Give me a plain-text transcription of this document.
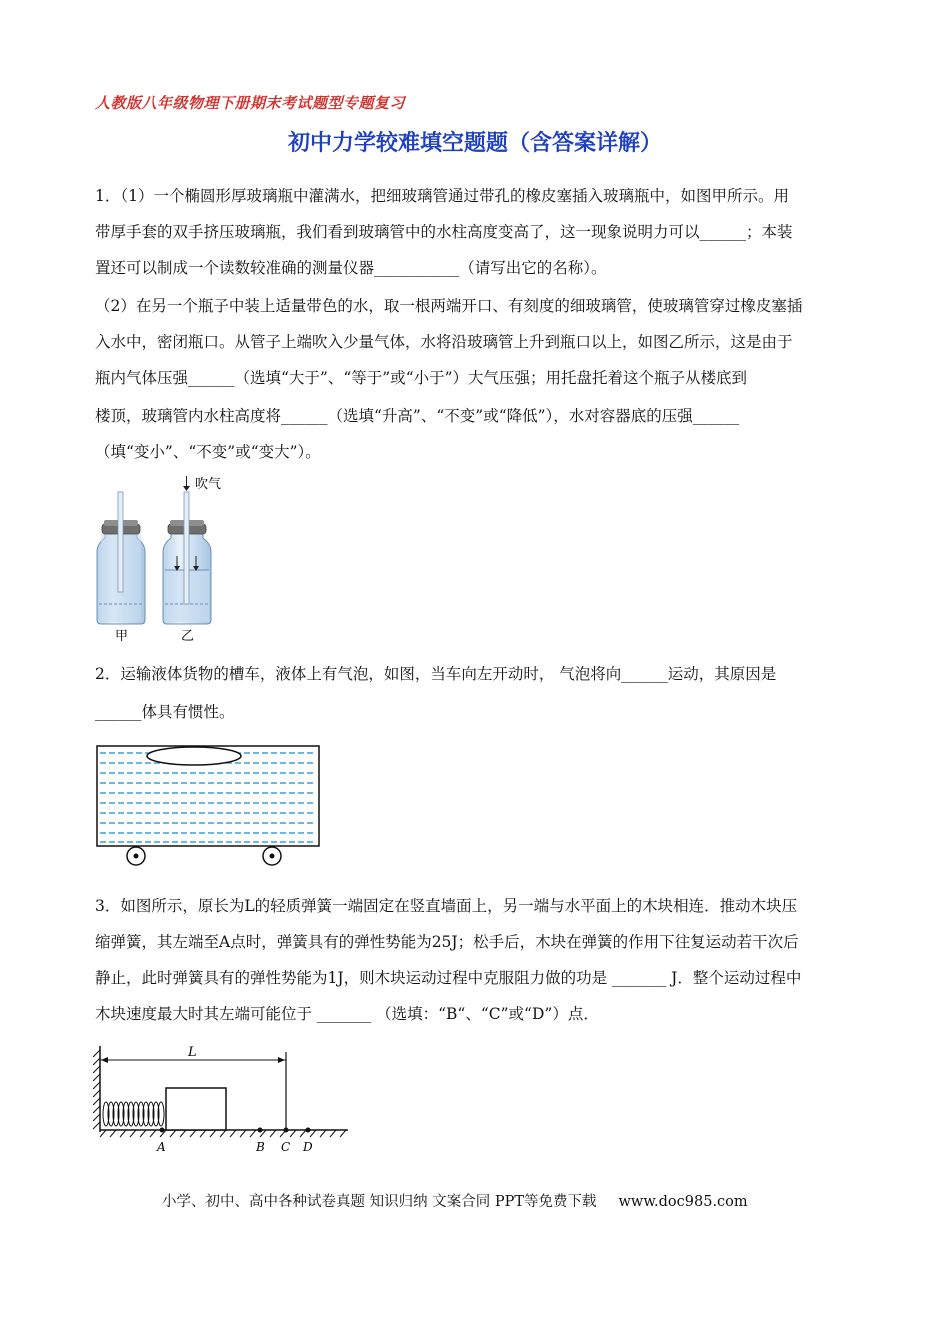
人教版八年级物理下册期末考试题型专题复习
初中力学较难填空题题（含答案详解）
1．（1）一个椭圆形厚玻璃瓶中灌满水，把细玻璃管通过带孔的橡皮塞插入玻璃瓶中，如图甲所示。用
带厚手套的双手挤压玻璃瓶，我们看到玻璃管中的水柱高度变高了，这一现象说明力可以______；本装
置还可以制成一个读数较准确的测量仪器___________（请写出它的名称）。
（2）在另一个瓶子中装上适量带色的水，取一根两端开口、有刻度的细玻璃管，使玻璃管穿过橡皮塞插
入水中，密闭瓶口。从管子上端吹入少量气体，水将沿玻璃管上升到瓶口以上，如图乙所示，这是由于
瓶内气体压强______（选填“大于”、“等于”或“小于”）大气压强；用托盘托着这个瓶子从楼底到
楼顶，玻璃管内水柱高度将______（选填“升高”、“不变”或“降低”），水对容器底的压强______
（填“变小”、“不变”或“变大”）。
甲
吹气
乙
2．运输液体货物的槽车，液体上有气泡，如图，当车向左开动时， 气泡将向______运动，其原因是
______体具有惯性。
3．如图所示，原长为L的轻质弹簧一端固定在竖直墙面上，另一端与水平面上的木块相连．推动木块压
缩弹簧，其左端至A点时，弹簧具有的弹性势能为25J；松手后，木块在弹簧的作用下往复运动若干次后
静止，此时弹簧具有的弹性势能为1J，则木块运动过程中克服阻力做的功是 _______ J．整个运动过程中
木块速度最大时其左端可能位于 _______ （选填：“B“、“C”或“D”）点．
L
A	B C D
小学、初中、高中各种试卷真题 知识归纳 文案合同 PPT等免费下载 www.doc985.com
